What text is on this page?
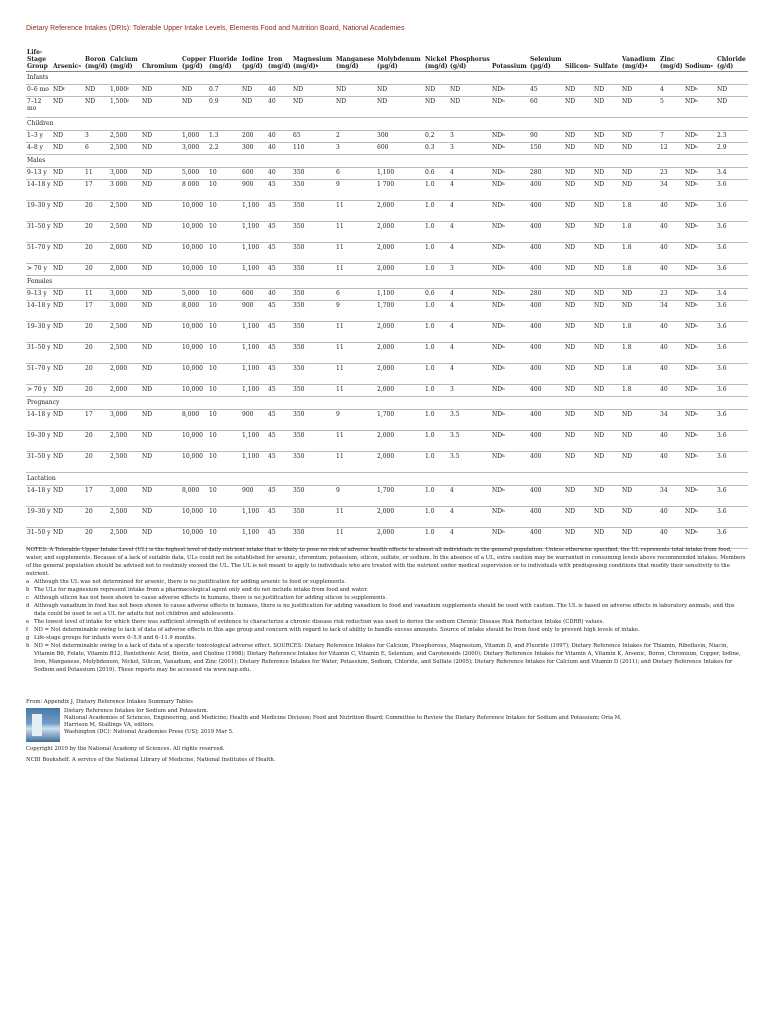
Dietary Reference Intakes (DRIs): Tolerable Upper Intake Levels, Elements Food and Nutrition Board, National Academies
Life-Stage Group	Arsenic$^a$	Boron (mg/d)	Calcium (mg/d)	Chromium	Copper (µg/d)	Fluoride (mg/d)	Iodine (µg/d)	Iron (mg/d)	Magnesium $(mg/d)^b$	Manganese (mg/d)	Molybdenum (µg/d)	Nickel (mg/d)	Phosphorus (g/d)	Potassium	Selenium (µg/d)	Silicon$^c$	Sulfate	Vanadium $(mg/d)^d$	Zinc (mg/d)	Sodium$^e$	Chloride (g/d)
Infants																					
0–6 mo	$ND^f$	ND	1,000$^f$	ND	ND	0.7	ND	40	ND	ND	ND	ND	ND	$ND^h$	45	ND	ND	ND	4	$ND^h$	ND
7–12 mo	ND	ND	1,500$^f$	ND	ND	0.9	ND	40	ND	ND	ND	ND	ND	$ND^h$	60	ND	ND	ND	5	$ND^h$	ND
Children																					
1–3 y	ND	3	2,500	ND	1,000	1.3	200	40	65	2	300	0.2	3	$ND^h$	90	ND	ND	ND	7	$ND^h$	2.3
4–8 y	ND	6	2,500	ND	3,000	2.2	300	40	110	3	600	0.3	3	$ND^h$	150	ND	ND	ND	12	$ND^h$	2.9
Males																					
9–13 y	ND	11	3,000	ND	5,000	10	600	40	350	6	1,100	0.6	4	$ND^h$	280	ND	ND	ND	23	$ND^h$	3.4
14–18 y	ND	17	3 000	ND	8 000	10	900	45	350	9	1 700	1.0	4	$ND^h$	400	ND	ND	ND	34	$ND^h$	3.6
19–30 y	ND	20	2,500	ND	10,000	10	1,100	45	350	11	2,000	1.0	4	$ND^h$	400	ND	ND	1.8	40	$ND^h$	3.6
31–50 y	ND	20	2,500	ND	10,000	10	1,100	45	350	11	2,000	1.0	4	$ND^h$	400	ND	ND	1.8	40	$ND^h$	3.6
51–70 y	ND	20	2,000	ND	10,000	10	1,100	45	350	11	2,000	1.0	4	$ND^h$	400	ND	ND	1.8	40	$ND^h$	3.6
> 70 y	ND	20	2,000	ND	10,000	10	1,100	45	350	11	2,000	1.0	3	$ND^h$	400	ND	ND	1.8	40	$ND^h$	3.6
Females																					
9–13 y	ND	11	3,000	ND	5,000	10	600	40	350	6	1,100	0.6	4	$ND^h$	280	ND	ND	ND	23	$ND^h$	3.4
14–18 y	ND	17	3,000	ND	8,000	10	900	45	350	9	1,700	1.0	4	$ND^h$	400	ND	ND	ND	34	$ND^h$	3.6
19–30 y	ND	20	2,500	ND	10,000	10	1,100	45	350	11	2,000	1.0	4	$ND^h$	400	ND	ND	1.8	40	$ND^h$	3.6
31–50 y	ND	20	2,500	ND	10,000	10	1,100	45	350	11	2,000	1.0	4	$ND^h$	400	ND	ND	1.8	40	$ND^h$	3.6
51–70 y	ND	20	2,000	ND	10,000	10	1,100	45	350	11	2,000	1.0	4	$ND^h$	400	ND	ND	1.8	40	$ND^h$	3.6
> 70 y	ND	20	2,000	ND	10,000	10	1,100	45	350	11	2,000	1.0	3	$ND^h$	400	ND	ND	1.8	40	$ND^h$	3.6
Pregnancy																					
14–18 y	ND	17	3,000	ND	8,000	10	900	45	350	9	1,700	1.0	3.5	$ND^h$	400	ND	ND	ND	34	$ND^h$	3.6
19–30 y	ND	20	2,500	ND	10,000	10	1,100	45	350	11	2,000	1.0	3.5	$ND^h$	400	ND	ND	ND	40	$ND^h$	3.6
31–50 y	ND	20	2,500	ND	10,000	10	1,100	45	350	11	2,000	1.0	3.5	$ND^h$	400	ND	ND	ND	40	$ND^h$	3.6
Lactation																					
14–18 y	ND	17	3,000	ND	8,000	10	900	45	350	9	1,700	1.0	4	$ND^h$	400	ND	ND	ND	34	$ND^h$	3.6
19–30 y	ND	20	2,500	ND	10,000	10	1,100	45	350	11	2,000	1.0	4	$ND^h$	400	ND	ND	ND	40	$ND^h$	3.6
31–50 y	ND	20	2,500	ND	10,000	10	1,100	45	350	11	2,000	1.0	4	$ND^h$	400	ND	ND	ND	40	$ND^h$	3.6

NOTES: A Tolerable Upper Intake Level (UL) is the highest level of daily nutrient intake that is likely to pose no risk of adverse health effects to almost all individuals in the general population. Unless otherwise specified, the UL represents total intake from food, water, and supplements. Because of a lack of suitable data, ULs could not be established for arsenic, chromium, potassium, silicon, sulfate, or sodium. In the absence of a UL, extra caution may be warranted in consuming levels above recommended intakes. Members of the general population should be advised not to routinely exceed the UL. The UL is not meant to apply to individuals who are treated with the nutrient under medical supervision or to individuals with predisposing conditions that modify their sensitivity to the nutrient.

a Although the UL was not determined for arsenic, there is no justification for adding arsenic to food or supplements.

b The ULs for magnesium represent intake from a pharmacological agent only and do not include intake from food and water.

c Although silicon has not been shown to cause adverse effects in humans, there is no justification for adding silicon to supplements.

d Although vanadium in food has not been shown to cause adverse effects in humans, there is no justification for adding vanadium to food and vanadium supplements should be used with caution. The UL is based on adverse effects in laboratory animals, and this data could be used to set a UL for adults but not children and adolescents.

e The lowest level of intake for which there was sufficient strength of evidence to characterize a chronic disease risk reduction was used to derive the sodium Chronic Disease Risk Reduction Intake (CDRR) values.

f ND = Not determinable owing to lack of data of adverse effects in this age group and concern with regard to lack of ability to handle excess amounts. Source of intake should be from food only to prevent high levels of intake.

g Life-stage groups for infants were 0–5.9 and 6–11.9 months.

h ND = Not determinable owing to a lack of data of a specific toxicological adverse effect. SOURCES: Dietary Reference Intakes for Calcium, Phosphorous, Magnesium, Vitamin D, and Fluoride (1997); Dietary Reference Intakes for Thiamin, Riboflavin, Niacin, Vitamin B6, Folate, Vitamin B12, Pantothenic Acid, Biotin, and Choline (1998); Dietary Reference Intakes for Vitamin C, Vitamin E, Selenium, and Carotenoids (2000); Dietary Reference Intakes for Vitamin A, Vitamin K, Arsenic, Boron, Chromium, Copper, Iodine, Iron, Manganese, Molybdenum, Nickel, Silicon, Vanadium, and Zinc (2001); Dietary Reference Intakes for Water, Potassium, Sodium, Chloride, and Sulfate (2005); Dietary Reference Intakes for Calcium and Vitamin D (2011); and Dietary Reference Intakes for Sodium and Potassium (2019). These reports may be accessed via www.nap.edu.

From: Appendix J, Dietary Reference Intakes Summary Tables

Dietary Reference Intakes for Sodium and Potassium.

National Academies of Sciences, Engineering, and Medicine; Health and Medicine Division; Food and Nutrition Board; Committee to Review the Dietary Reference Intakes for Sodium and Potassium; Oria M,

Harrison M, Stallings VA, editors.

Washington (DC): National Academies Press (US); 2019 Mar 5.

Copyright 2019 by the National Academy of Sciences. All rights reserved.

NCBI Bookshelf. A service of the National Library of Medicine, National Institutes of Health.
